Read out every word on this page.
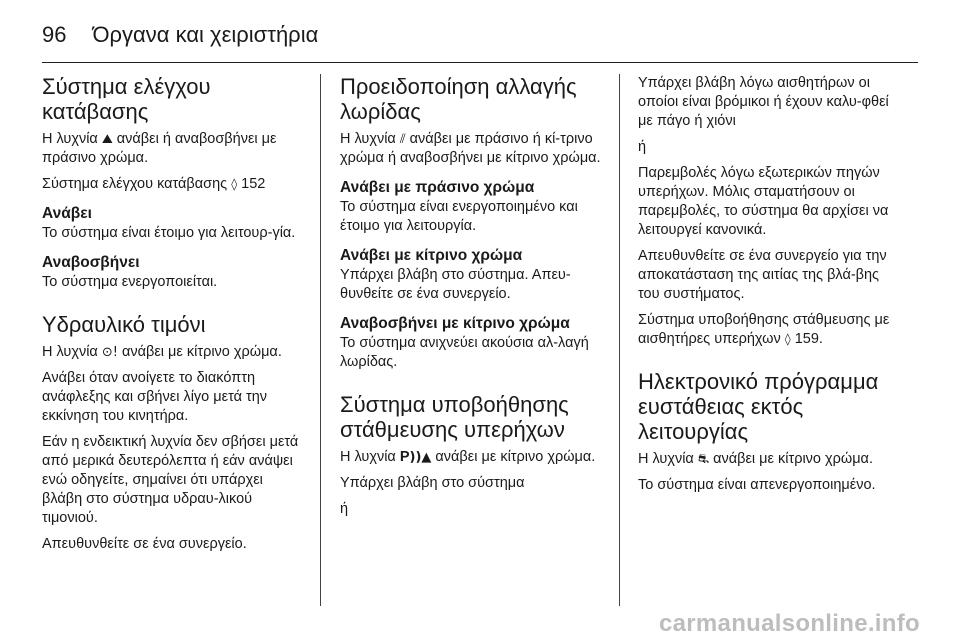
96 Όργανα και χειριστήρια
Σύστημα ελέγχου κατάβασης

Η λυχνία ⛰ ανάβει ή αναβοσβήνει με πράσινο χρώμα.

Σύστημα ελέγχου κατάβασης ◊ 152

Ανάβει

Το σύστημα είναι έτοιμο για λειτουρ-γία.

Αναβοσβήνει

Το σύστημα ενεργοποιείται.

Υδραυλικό τιμόνι

Η λυχνία ⊙! ανάβει με κίτρινο χρώμα.

Ανάβει όταν ανοίγετε το διακόπτη ανάφλεξης και σβήνει λίγο μετά την εκκίνηση του κινητήρα.

Εάν η ενδεικτική λυχνία δεν σβήσει μετά από μερικά δευτερόλεπτα ή εάν ανάψει ενώ οδηγείτε, σημαίνει ότι υπάρχει βλάβη στο σύστημα υδραυ-λικού τιμονιού.

Απευθυνθείτε σε ένα συνεργείο.

Προειδοποίηση αλλαγής λωρίδας

Η λυχνία ⫽ ανάβει με πράσινο ή κί-τρινο χρώμα ή αναβοσβήνει με κίτρινο χρώμα.

Ανάβει με πράσινο χρώμα

Το σύστημα είναι ενεργοποιημένο και έτοιμο για λειτουργία.

Ανάβει με κίτρινο χρώμα

Υπάρχει βλάβη στο σύστημα. Απευ-θυνθείτε σε ένα συνεργείο.

Αναβοσβήνει με κίτρινο χρώμα

Το σύστημα ανιχνεύει ακούσια αλ-λαγή λωρίδας.

Σύστημα υποβοήθησης στάθμευσης υπερήχων

Η λυχνία P))▲ ανάβει με κίτρινο χρώμα.

Υπάρχει βλάβη στο σύστημα

ή

Υπάρχει βλάβη λόγω αισθητήρων οι οποίοι είναι βρόμικοι ή έχουν καλυ-φθεί με πάγο ή χιόνι

ή

Παρεμβολές λόγω εξωτερικών πηγών υπερήχων. Μόλις σταματήσουν οι παρεμβολές, το σύστημα θα αρχίσει να λειτουργεί κανονικά.

Απευθυνθείτε σε ένα συνεργείο για την αποκατάσταση της αιτίας της βλά-βης του συστήματος.

Σύστημα υποβοήθησης στάθμευσης με αισθητήρες υπερήχων ◊ 159.

Ηλεκτρονικό πρόγραμμα ευστάθειας εκτός λειτουργίας

Η λυχνία ⛐ ανάβει με κίτρινο χρώμα.

Το σύστημα είναι απενεργοποιημένο.

carmanualsonline.info
